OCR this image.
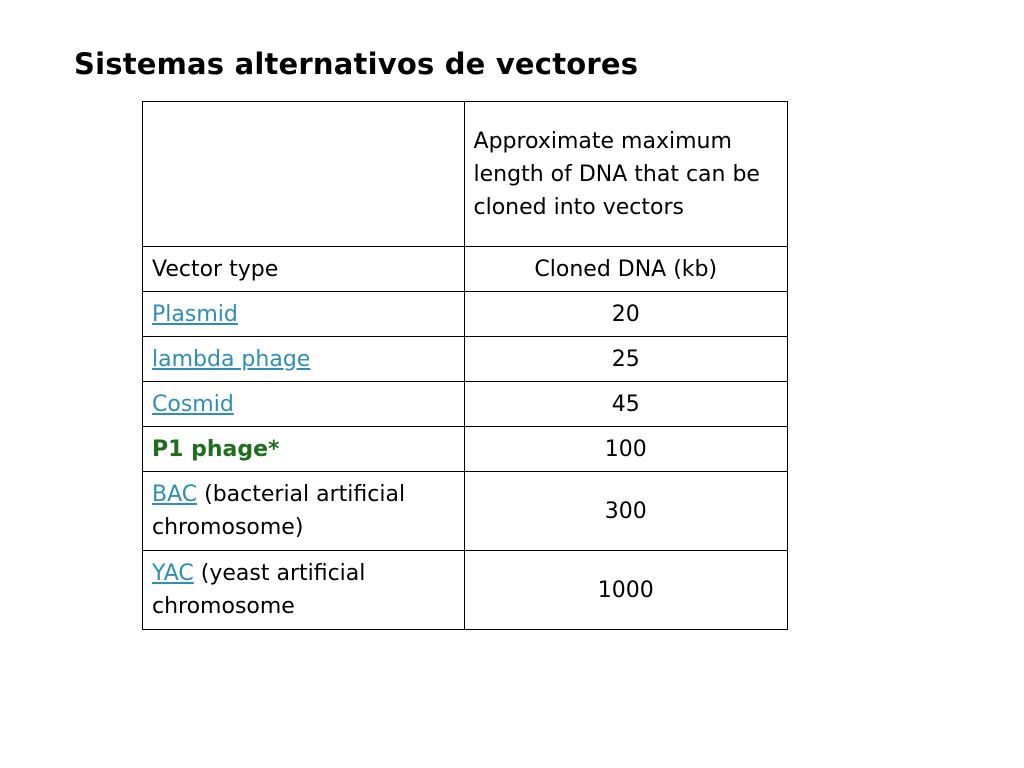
Sistemas alternativos de vectores
	Approximate maximum length of DNA that can be cloned into vectors
Vector type	Cloned DNA (kb)
Plasmid	20
lambda phage	25
Cosmid	45
P1 phage*	100
BAC (bacterial artificial chromosome)	300
YAC (yeast artificial chromosome	1000
